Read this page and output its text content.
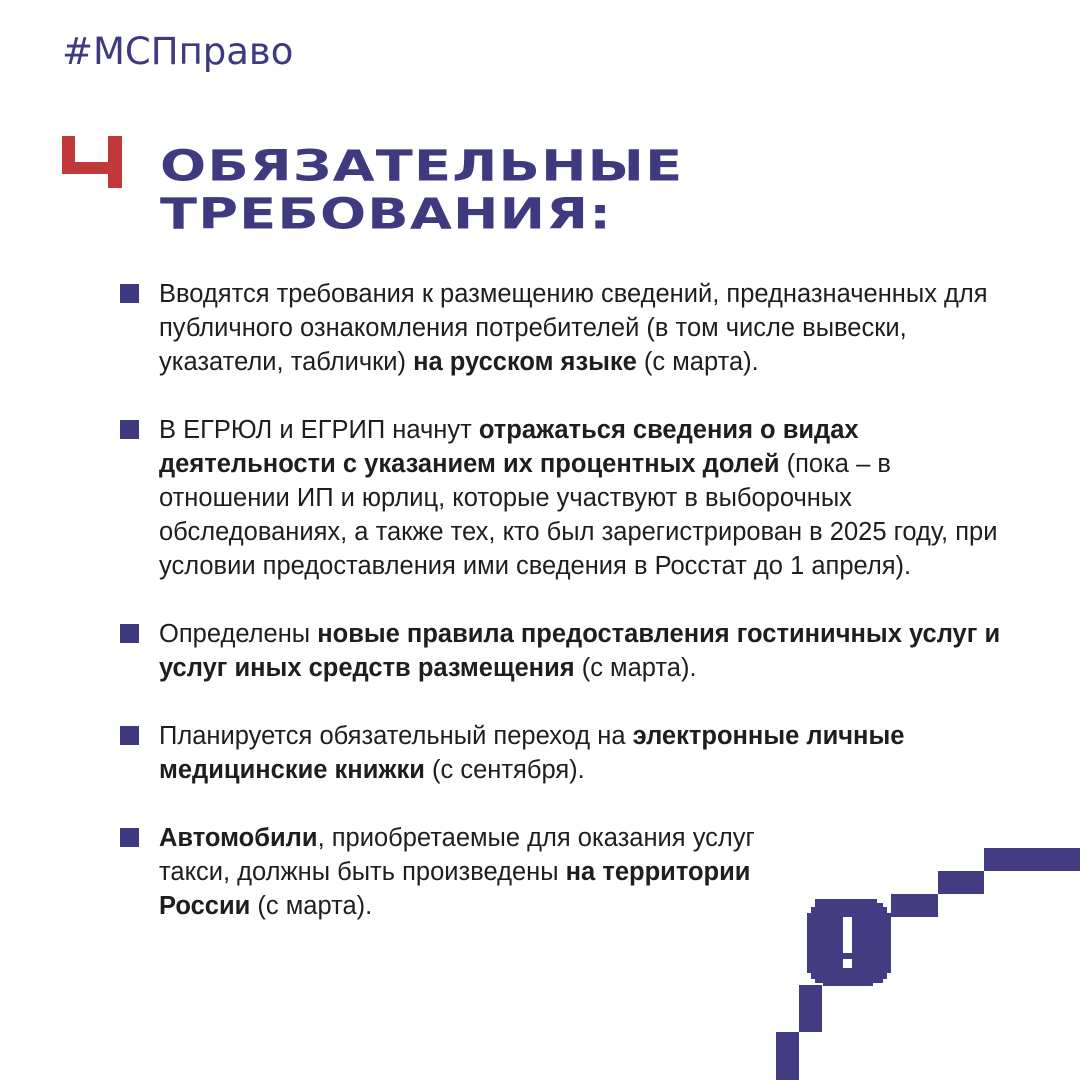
#МСПправо
ОБЯЗАТЕЛЬНЫЕ
ТРЕБОВАНИЯ:
Вводятся требования к размещению сведений, предназначенных для публичного ознакомления потребителей (в том числе вывески, указатели, таблички) на русском языке (с марта).
В ЕГРЮЛ и ЕГРИП начнут отражаться сведения о видах деятельности с указанием их процентных долей (пока – в отношении ИП и юрлиц, которые участвуют в выборочных обследованиях, а также тех, кто был зарегистрирован в 2025 году, при условии предоставления ими сведения в Росстат до 1 апреля).
Определены новые правила предоставления гостиничных услуг и услуг иных средств размещения (с марта).
Планируется обязательный переход на электронные личные медицинские книжки (с сентября).
Автомобили, приобретаемые для оказания услуг такси, должны быть произведены на территории России (с марта).
